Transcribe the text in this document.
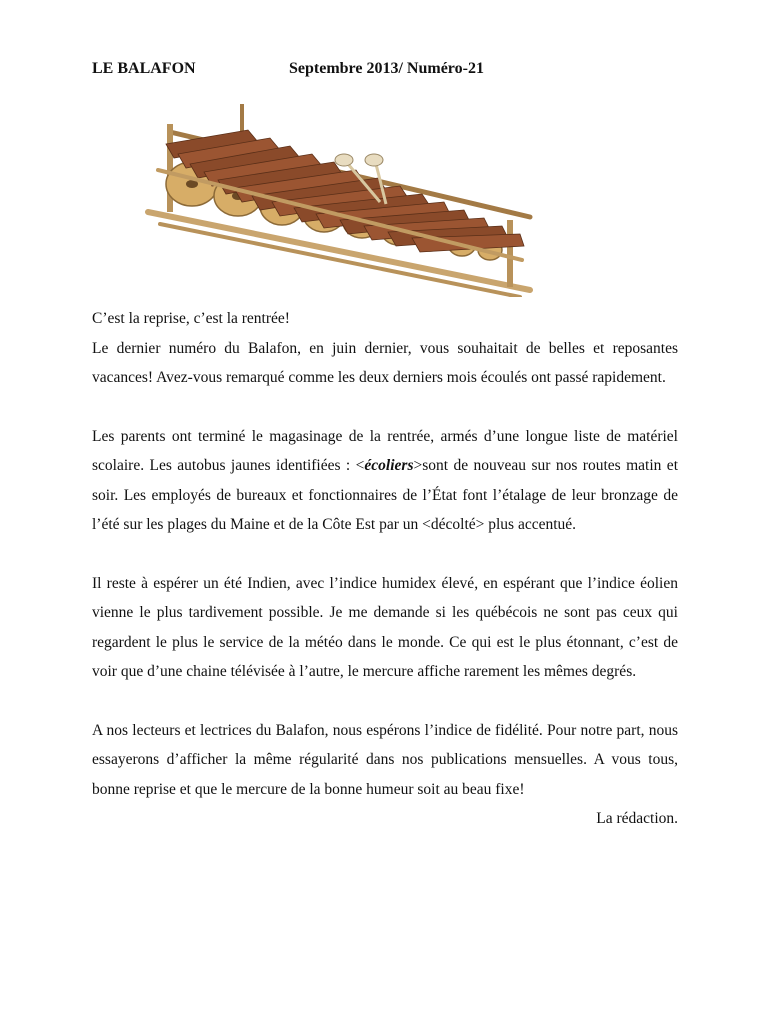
LE BALAFON	Septembre 2013/ Numéro-21

C’est la reprise, c’est la rentrée!
Le dernier numéro du Balafon, en juin dernier, vous souhaitait de belles et reposantes vacances! Avez-vous remarqué comme les deux derniers mois écoulés ont passé rapidement.

Les parents ont terminé le magasinage de la rentrée, armés d’une longue liste de matériel scolaire. Les autobus jaunes identifiées : <écoliers>sont de nouveau sur nos routes matin et soir. Les employés de bureaux et fonctionnaires de l’État font l’étalage de leur bronzage de l’été sur les plages du Maine et de la Côte Est par un <décolté> plus accentué.

Il reste à espérer un été Indien, avec l’indice humidex élevé, en espérant que l’indice éolien vienne le plus tardivement possible. Je me demande si les québécois ne sont pas ceux qui regardent le plus le service de la météo dans le monde. Ce qui est le plus étonnant, c’est de voir que d’une chaine télévisée à l’autre, le mercure affiche rarement les mêmes degrés.

A nos lecteurs et lectrices du Balafon, nous espérons l’indice de fidélité. Pour notre part, nous essayerons d’afficher la même régularité dans nos publications mensuelles. A vous tous, bonne reprise et que le mercure de la bonne humeur soit au beau fixe!

La rédaction.
